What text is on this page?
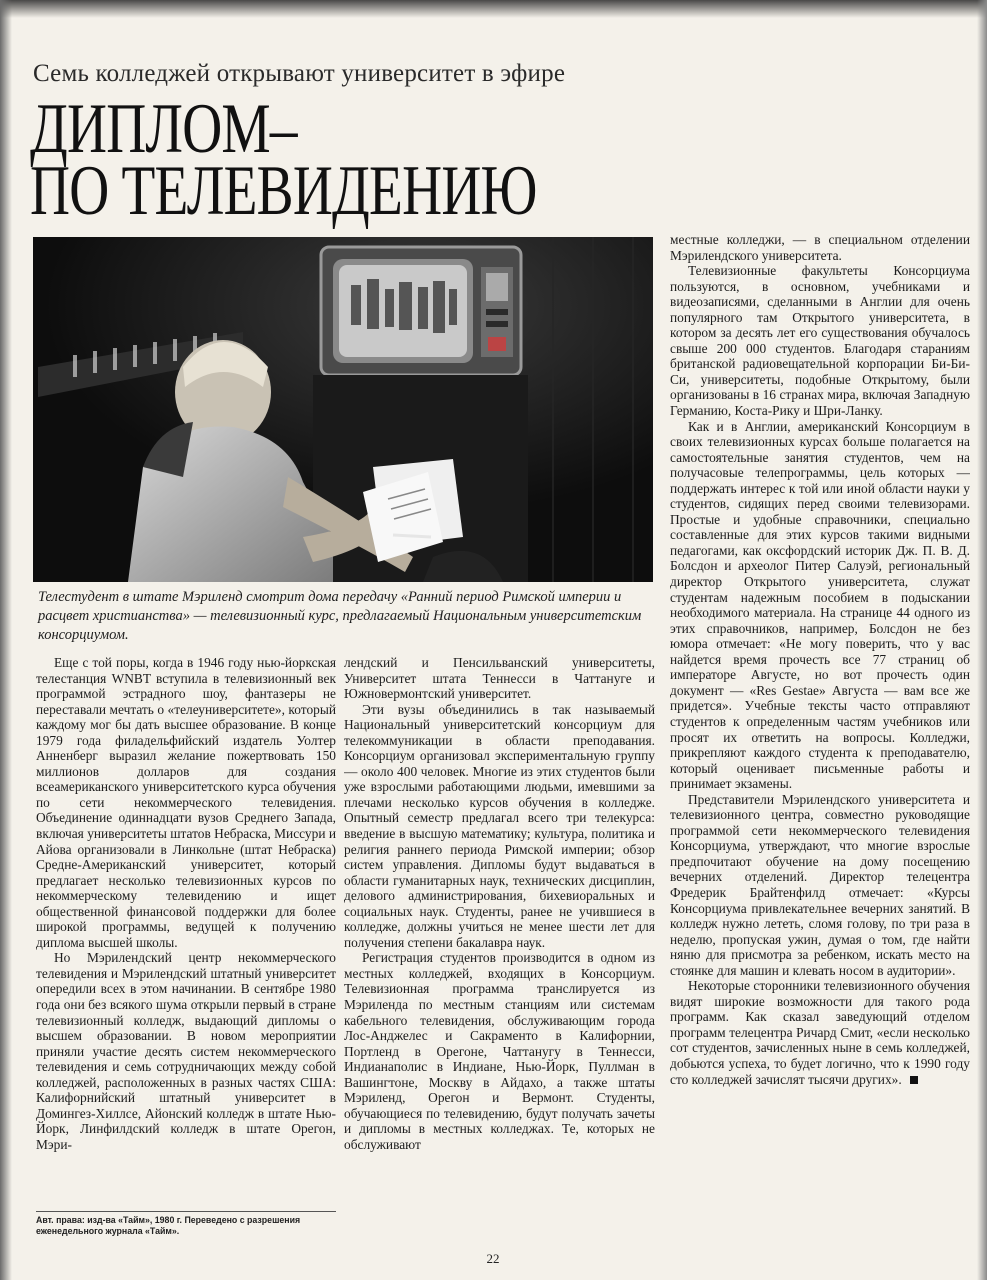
Семь колледжей открывают университет в эфире
ДИПЛОМ–
ПО ТЕЛЕВИДЕНИЮ
Телестудент в штате Мэриленд смотрит дома передачу «Ранний период Римской империи и расцвет христианства» — телевизионный курс, предлагаемый Национальным университетским консорциумом.

Еще с той поры, когда в 1946 году нью-йоркская телестанция WNBT вступила в телевизионный век программой эстрадного шоу, фантазеры не переставали мечтать о «телеуниверситете», который каждому мог бы дать высшее образование. В конце 1979 года филадельфийский издатель Уолтер Анненберг выразил желание пожертвовать 150 миллионов долларов для создания всеамериканского университетского курса обучения по сети некоммерческого телевидения. Объединение одиннадцати вузов Среднего Запада, включая университеты штатов Небраска, Миссури и Айова организовали в Линкольне (штат Небраска) Средне-Американский университет, который предлагает несколько телевизионных курсов по некоммерческому телевидению и ищет общественной финансовой поддержки для более широкой программы, ведущей к получению диплома высшей школы.

Но Мэрилендский центр некоммерческого телевидения и Мэрилендский штатный университет опередили всех в этом начинании. В сентябре 1980 года они без всякого шума открыли первый в стране телевизионный колледж, выдающий дипломы о высшем образовании. В новом мероприятии приняли участие десять систем некоммерческого телевидения и семь сотрудничающих между собой колледжей, расположенных в разных частях США: Калифорнийский штатный университет в Домингез-Хиллсе, Айонский колледж в штате Нью-Йорк, Линфилдский колледж в штате Орегон, Мэри-

лендский и Пенсильванский университеты, Университет штата Теннесси в Чаттануге и Южновермонтский университет.

Эти вузы объединились в так называемый Национальный университетский консорциум для телекоммуникации в области преподавания. Консорциум организовал экспериментальную группу — около 400 человек. Многие из этих студентов были уже взрослыми работающими людьми, имевшими за плечами несколько курсов обучения в колледже. Опытный семестр предлагал всего три телекурса: введение в высшую математику; культура, политика и религия раннего периода Римской империи; обзор систем управления. Дипломы будут выдаваться в области гуманитарных наук, технических дисциплин, делового администрирования, бихевиоральных и социальных наук. Студенты, ранее не учившиеся в колледже, должны учиться не менее шести лет для получения степени бакалавра наук.

Регистрация студентов производится в одном из местных колледжей, входящих в Консорциум. Телевизионная программа транслируется из Мэриленда по местным станциям или системам кабельного телевидения, обслуживающим города Лос-Анджелес и Сакраменто в Калифорнии, Портленд в Орегоне, Чаттанугу в Теннесси, Индианаполис в Индиане, Нью-Йорк, Пуллман в Вашингтоне, Москву в Айдахо, а также штаты Мэриленд, Орегон и Вермонт. Студенты, обучающиеся по телевидению, будут получать зачеты и дипломы в местных колледжах. Те, которых не обслуживают

местные колледжи, — в специальном отделении Мэрилендского университета.

Телевизионные факультеты Консорциума пользуются, в основном, учебниками и видеозаписями, сделанными в Англии для очень популярного там Открытого университета, в котором за десять лет его существования обучалось свыше 200 000 студентов. Благодаря стараниям британской радиовещательной корпорации Би-Би-Си, университеты, подобные Открытому, были организованы в 16 странах мира, включая Западную Германию, Коста-Рику и Шри-Ланку.

Как и в Англии, американский Консорциум в своих телевизионных курсах больше полагается на самостоятельные занятия студентов, чем на получасовые телепрограммы, цель которых — поддержать интерес к той или иной области науки у студентов, сидящих перед своими телевизорами. Простые и удобные справочники, специально составленные для этих курсов такими видными педагогами, как оксфордский историк Дж. П. В. Д. Болсдон и археолог Питер Салуэй, региональный директор Открытого университета, служат студентам надежным пособием в подыскании необходимого материала. На странице 44 одного из этих справочников, например, Болсдон не без юмора отмечает: «Не могу поверить, что у вас найдется время прочесть все 77 страниц об императоре Августе, но вот прочесть один документ — «Res Gestae» Августа — вам все же придется». Учебные тексты часто отправляют студентов к определенным частям учебников или просят их ответить на вопросы. Колледжи, прикрепляют каждого студента к преподавателю, который оценивает письменные работы и принимает экзамены.

Представители Мэрилендского университета и телевизионного центра, совместно руководящие программой сети некоммерческого телевидения Консорциума, утверждают, что многие взрослые предпочитают обучение на дому посещению вечерних отделений. Директор телецентра Фредерик Брайтенфилд отмечает: «Курсы Консорциума привлекательнее вечерних занятий. В колледж нужно лететь, сломя голову, по три раза в неделю, пропуская ужин, думая о том, где найти няню для присмотра за ребенком, искать место на стоянке для машин и клевать носом в аудитории».

Некоторые сторонники телевизионного обучения видят широкие возможности для такого рода программ. Как сказал заведующий отделом программ телецентра Ричард Смит, «если несколько сот студентов, зачисленных ныне в семь колледжей, добьются успеха, то будет логично, что к 1990 году сто колледжей зачислят тысячи других».

Авт. права: изд-ва «Тайм», 1980 г. Переведено с разрешения еженедельного журнала «Тайм».
22
